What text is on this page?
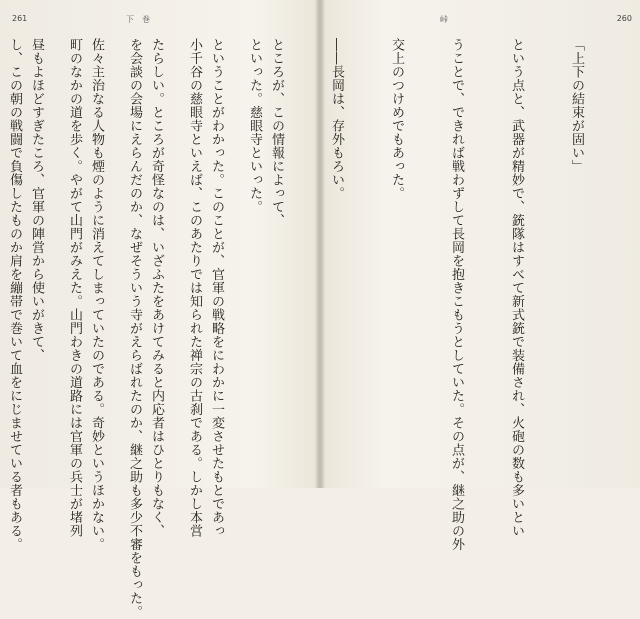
261	下　巻

といった。慈眼寺といった。

小千谷の慈眼寺といえば、このあたりでは知られた禅宗の古刹である。しかし本営

を会談の会場にえらんだのか、なぜそういう寺がえらばれたのか、継之助も多少不審をもった。

町のなかの道を歩く。やがて山門がみえた。山門わきの道路には官軍の兵士が堵列

し、この朝の戦闘で負傷したものか肩を繃帯で巻いて血をにじませている者もある。

峠	260

「上下の結束が固い」

という点と、武器が精妙で、銃隊はすべて新式銃で装備され、火砲の数も多いとい

うことで、できれば戦わずして長岡を抱きこもうとしていた。その点が、継之助の外

交上のつけめでもあった。

――長岡は、存外もろい。

ところが、この情報によって、

ということがわかった。このことが、官軍の戦略をにわかに一変させたもとであっ

たらしい。ところが奇怪なのは、いざふたをあけてみると内応者はひとりもなく、

佐々主治なる人物も煙のように消えてしまっていたのである。奇妙というほかない。

昼もよほどすぎたころ、官軍の陣営から使いがきて、
